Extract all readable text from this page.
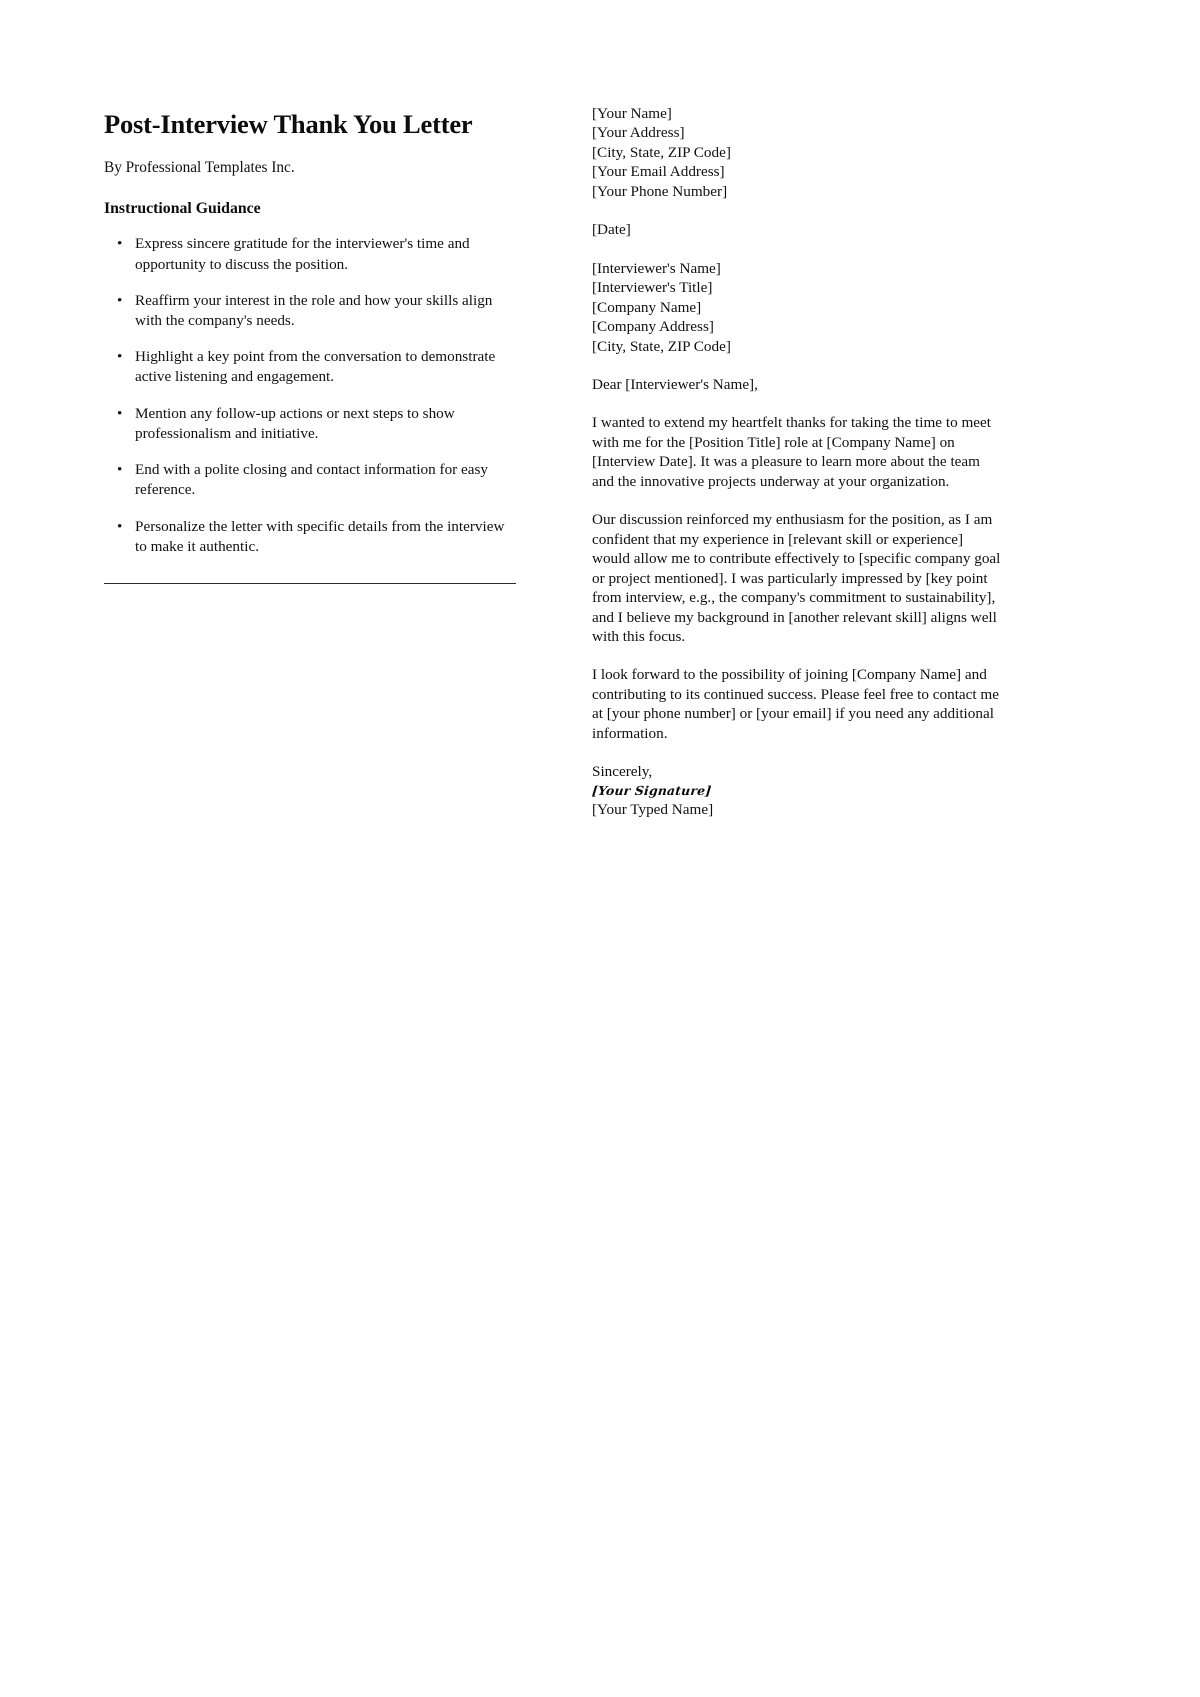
Post-Interview Thank You Letter

By Professional Templates Inc.

Instructional Guidance
• Express sincere gratitude for the interviewer's time and opportunity to discuss the position.
• Reaffirm your interest in the role and how your skills align with the company's needs.
• Highlight a key point from the conversation to demonstrate active listening and engagement.
• Mention any follow-up actions or next steps to show professionalism and initiative.
• End with a polite closing and contact information for easy reference.
• Personalize the letter with specific details from the interview to make it authentic.
[Your Name]
[Your Address]
[City, State, ZIP Code]
[Your Email Address]
[Your Phone Number]
[Date]
[Interviewer's Name]
[Interviewer's Title]
[Company Name]
[Company Address]
[City, State, ZIP Code]

Dear [Interviewer's Name],

I wanted to extend my heartfelt thanks for taking the time to meet with me for the [Position Title] role at [Company Name] on [Interview Date]. It was a pleasure to learn more about the team and the innovative projects underway at your organization.

Our discussion reinforced my enthusiasm for the position, as I am confident that my experience in [relevant skill or experience] would allow me to contribute effectively to [specific company goal or project mentioned]. I was particularly impressed by [key point from interview, e.g., the company's commitment to sustainability], and I believe my background in [another relevant skill] aligns well with this focus.

I look forward to the possibility of joining [Company Name] and contributing to its continued success. Please feel free to contact me at [your phone number] or [your email] if you need any additional information.

Sincerely,
[Your Signature]
[Your Typed Name]
